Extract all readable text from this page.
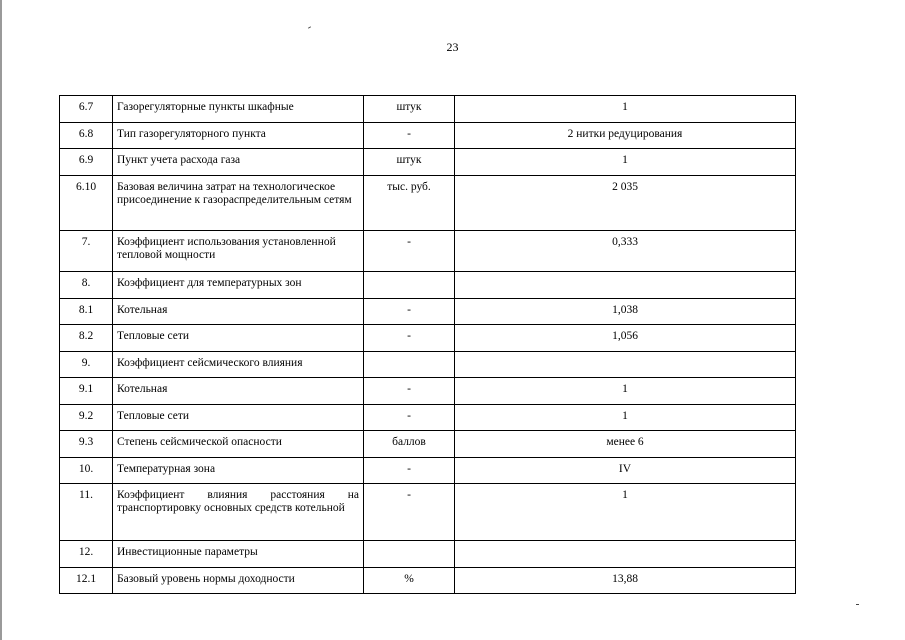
23
6.7	Газорегуляторные пункты шкафные	штук	1
6.8	Тип газорегуляторного пункта	-	2 нитки редуцирования
6.9	Пункт учета расхода газа	штук	1
6.10	Базовая величина затрат на технологическое присоединение к газораспределительным сетям	тыс. руб.	2 035
7.	Коэффициент использования установленной тепловой мощности	-	0,333
8.	Коэффициент для температурных зон		
8.1	Котельная	-	1,038
8.2	Тепловые сети	-	1,056
9.	Коэффициент сейсмического влияния		
9.1	Котельная	-	1
9.2	Тепловые сети	-	1
9.3	Степень сейсмической опасности	баллов	менее 6
10.	Температурная зона	-	IV
11.	Коэффициент влияния расстояния на транспортировку основных средств котельной	-	1
12.	Инвестиционные параметры		
12.1	Базовый уровень нормы доходности	%	13,88
